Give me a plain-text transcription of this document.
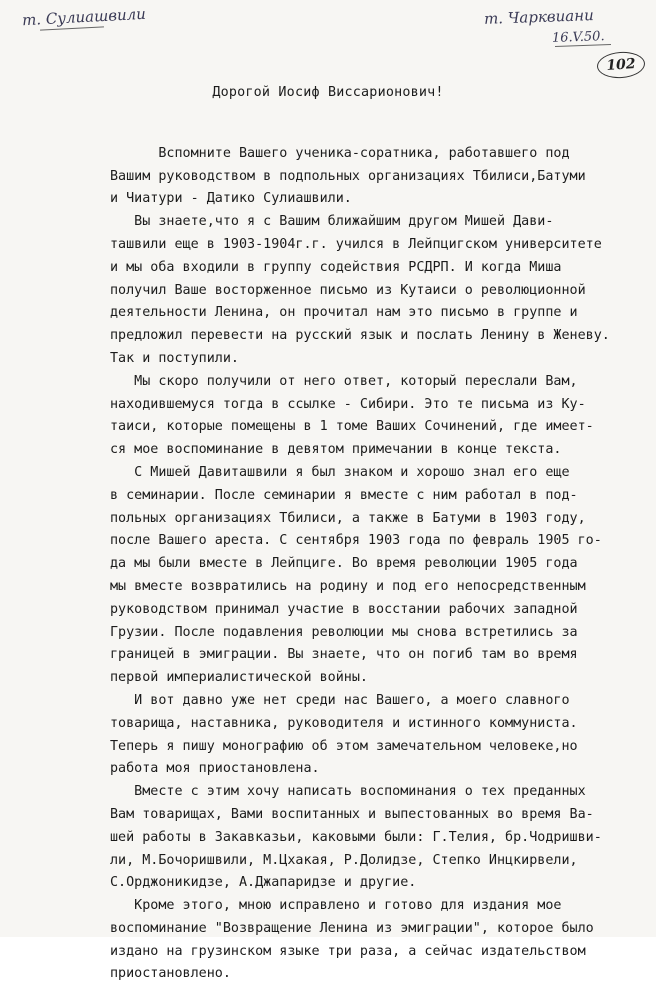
т. Сулиашвили	т. Чарквиани
16.V.50.
102
Дорогой Иосиф Виссарионович!
Вспомните Вашего ученика-соратника, работавшего под
Вашим руководством в подпольных организациях Тбилиси,Батуми
и Чиатури - Датико Сулиашвили.
Вы знаете,что я с Вашим ближайшим другом Мишей Дави-
ташвили еще в 1903-1904г.г. учился в Лейпцигском университете
и мы оба входили в группу содействия РСДРП. И когда Миша
получил Ваше восторженное письмо из Кутаиси о революционной
деятельности Ленина, он прочитал нам это письмо в группе и
предложил перевести на русский язык и послать Ленину в Женеву.
Так и поступили.
Мы скоро получили от него ответ, который переслали Вам,
находившемуся тогда в ссылке - Сибири. Это те письма из Ку-
таиси, которые помещены в 1 томе Ваших Сочинений, где имеет-
ся мое воспоминание в девятом примечании в конце текста.
С Мишей Давиташвили я был знаком и хорошо знал его еще
в семинарии. После семинарии я вместе с ним работал в под-
польных организациях Тбилиси, а также в Батуми в 1903 году,
после Вашего ареста. С сентября 1903 года по февраль 1905 го-
да мы были вместе в Лейпциге. Во время революции 1905 года
мы вместе возвратились на родину и под его непосредственным
руководством принимал участие в восстании рабочих западной
Грузии. После подавления революции мы снова встретились за
границей в эмиграции. Вы знаете, что он погиб там во время
первой империалистической войны.
И вот давно уже нет среди нас Вашего, а моего славного
товарища, наставника, руководителя и истинного коммуниста.
Теперь я пишу монографию об этом замечательном человеке,но
работа моя приостановлена.
Вместе с этим хочу написать воспоминания о тех преданных
Вам товарищах, Вами воспитанных и выпестованных во время Ва-
шей работы в Закавказьи, каковыми были: Г.Телия, бр.Чодришви-
ли, М.Бочоришвили, М.Цхакая, Р.Долидзе, Степко Инцкирвели,
С.Орджоникидзе, А.Джапаридзе и другие.
Кроме этого, мною исправлено и готово для издания мое
воспоминание "Возвращение Ленина из эмиграции", которое было
издано на грузинском языке три раза, а сейчас издательством
приостановлено.
